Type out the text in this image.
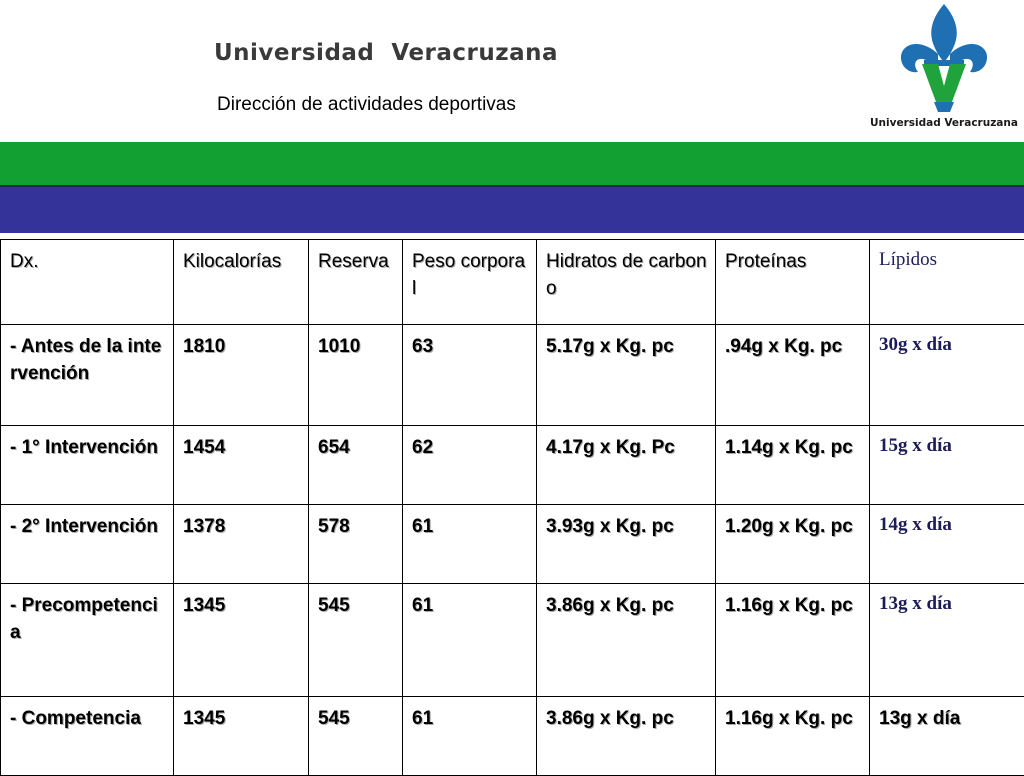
Universidad  Veracruzana
Dirección de actividades deportivas
Universidad Veracruzana
Dx.	Kilocalorías	Reserva	Peso corporal	Hidratos de carbono	Proteínas	Lípidos
- Antes de la intervención	1810	1010	63	5.17g x Kg. pc	.94g x Kg. pc	30g x día
- 1° Intervención	1454	654	62	4.17g x Kg. Pc	1.14g x Kg. pc	15g x día
- 2° Intervención	1378	578	61	3.93g x Kg. pc	1.20g x Kg. pc	14g x día
- Precompetencia	1345	545	61	3.86g x Kg. pc	1.16g x Kg. pc	13g x día
- Competencia	1345	545	61	3.86g x Kg. pc	1.16g x Kg. pc	13g x día
